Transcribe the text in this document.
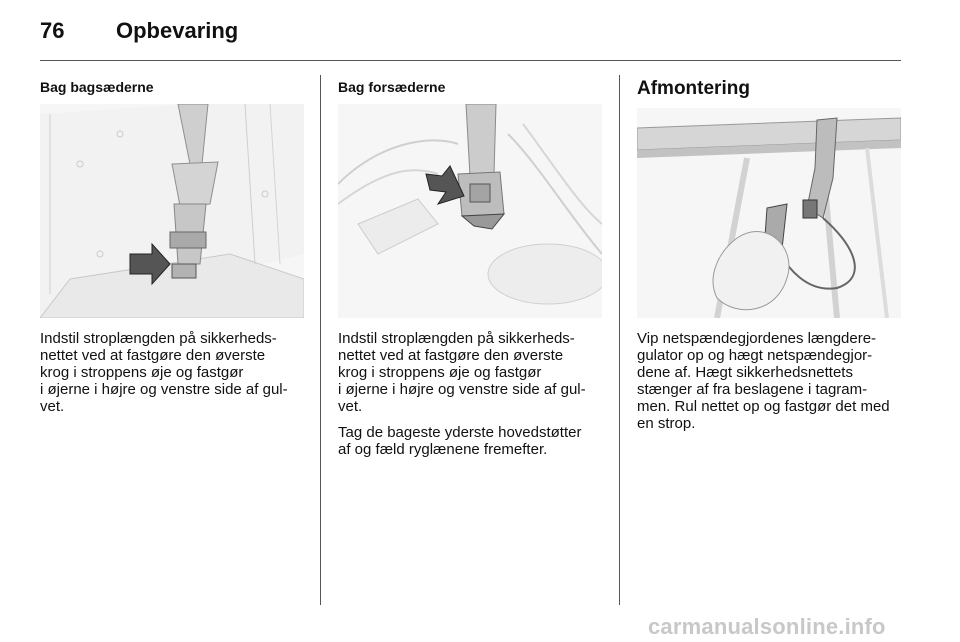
76 Opbevaring
Bag bagsæderne

Indstil stroplængden på sikkerheds-
nettet ved at fastgøre den øverste
krog i stroppens øje og fastgør
i øjerne i højre og venstre side af gul-
vet.

Bag forsæderne

Indstil stroplængden på sikkerheds-
nettet ved at fastgøre den øverste
krog i stroppens øje og fastgør
i øjerne i højre og venstre side af gul-
vet.

Tag de bageste yderste hovedstøtter
af og fæld ryglænene fremefter.

Afmontering

Vip netspændegjordenes længdere-
gulator op og hægt netspændegjor-
dene af. Hægt sikkerhedsnettets
stænger af fra beslagene i tagram-
men. Rul nettet op og fastgør det med
en strop.

carmanualsonline.info
